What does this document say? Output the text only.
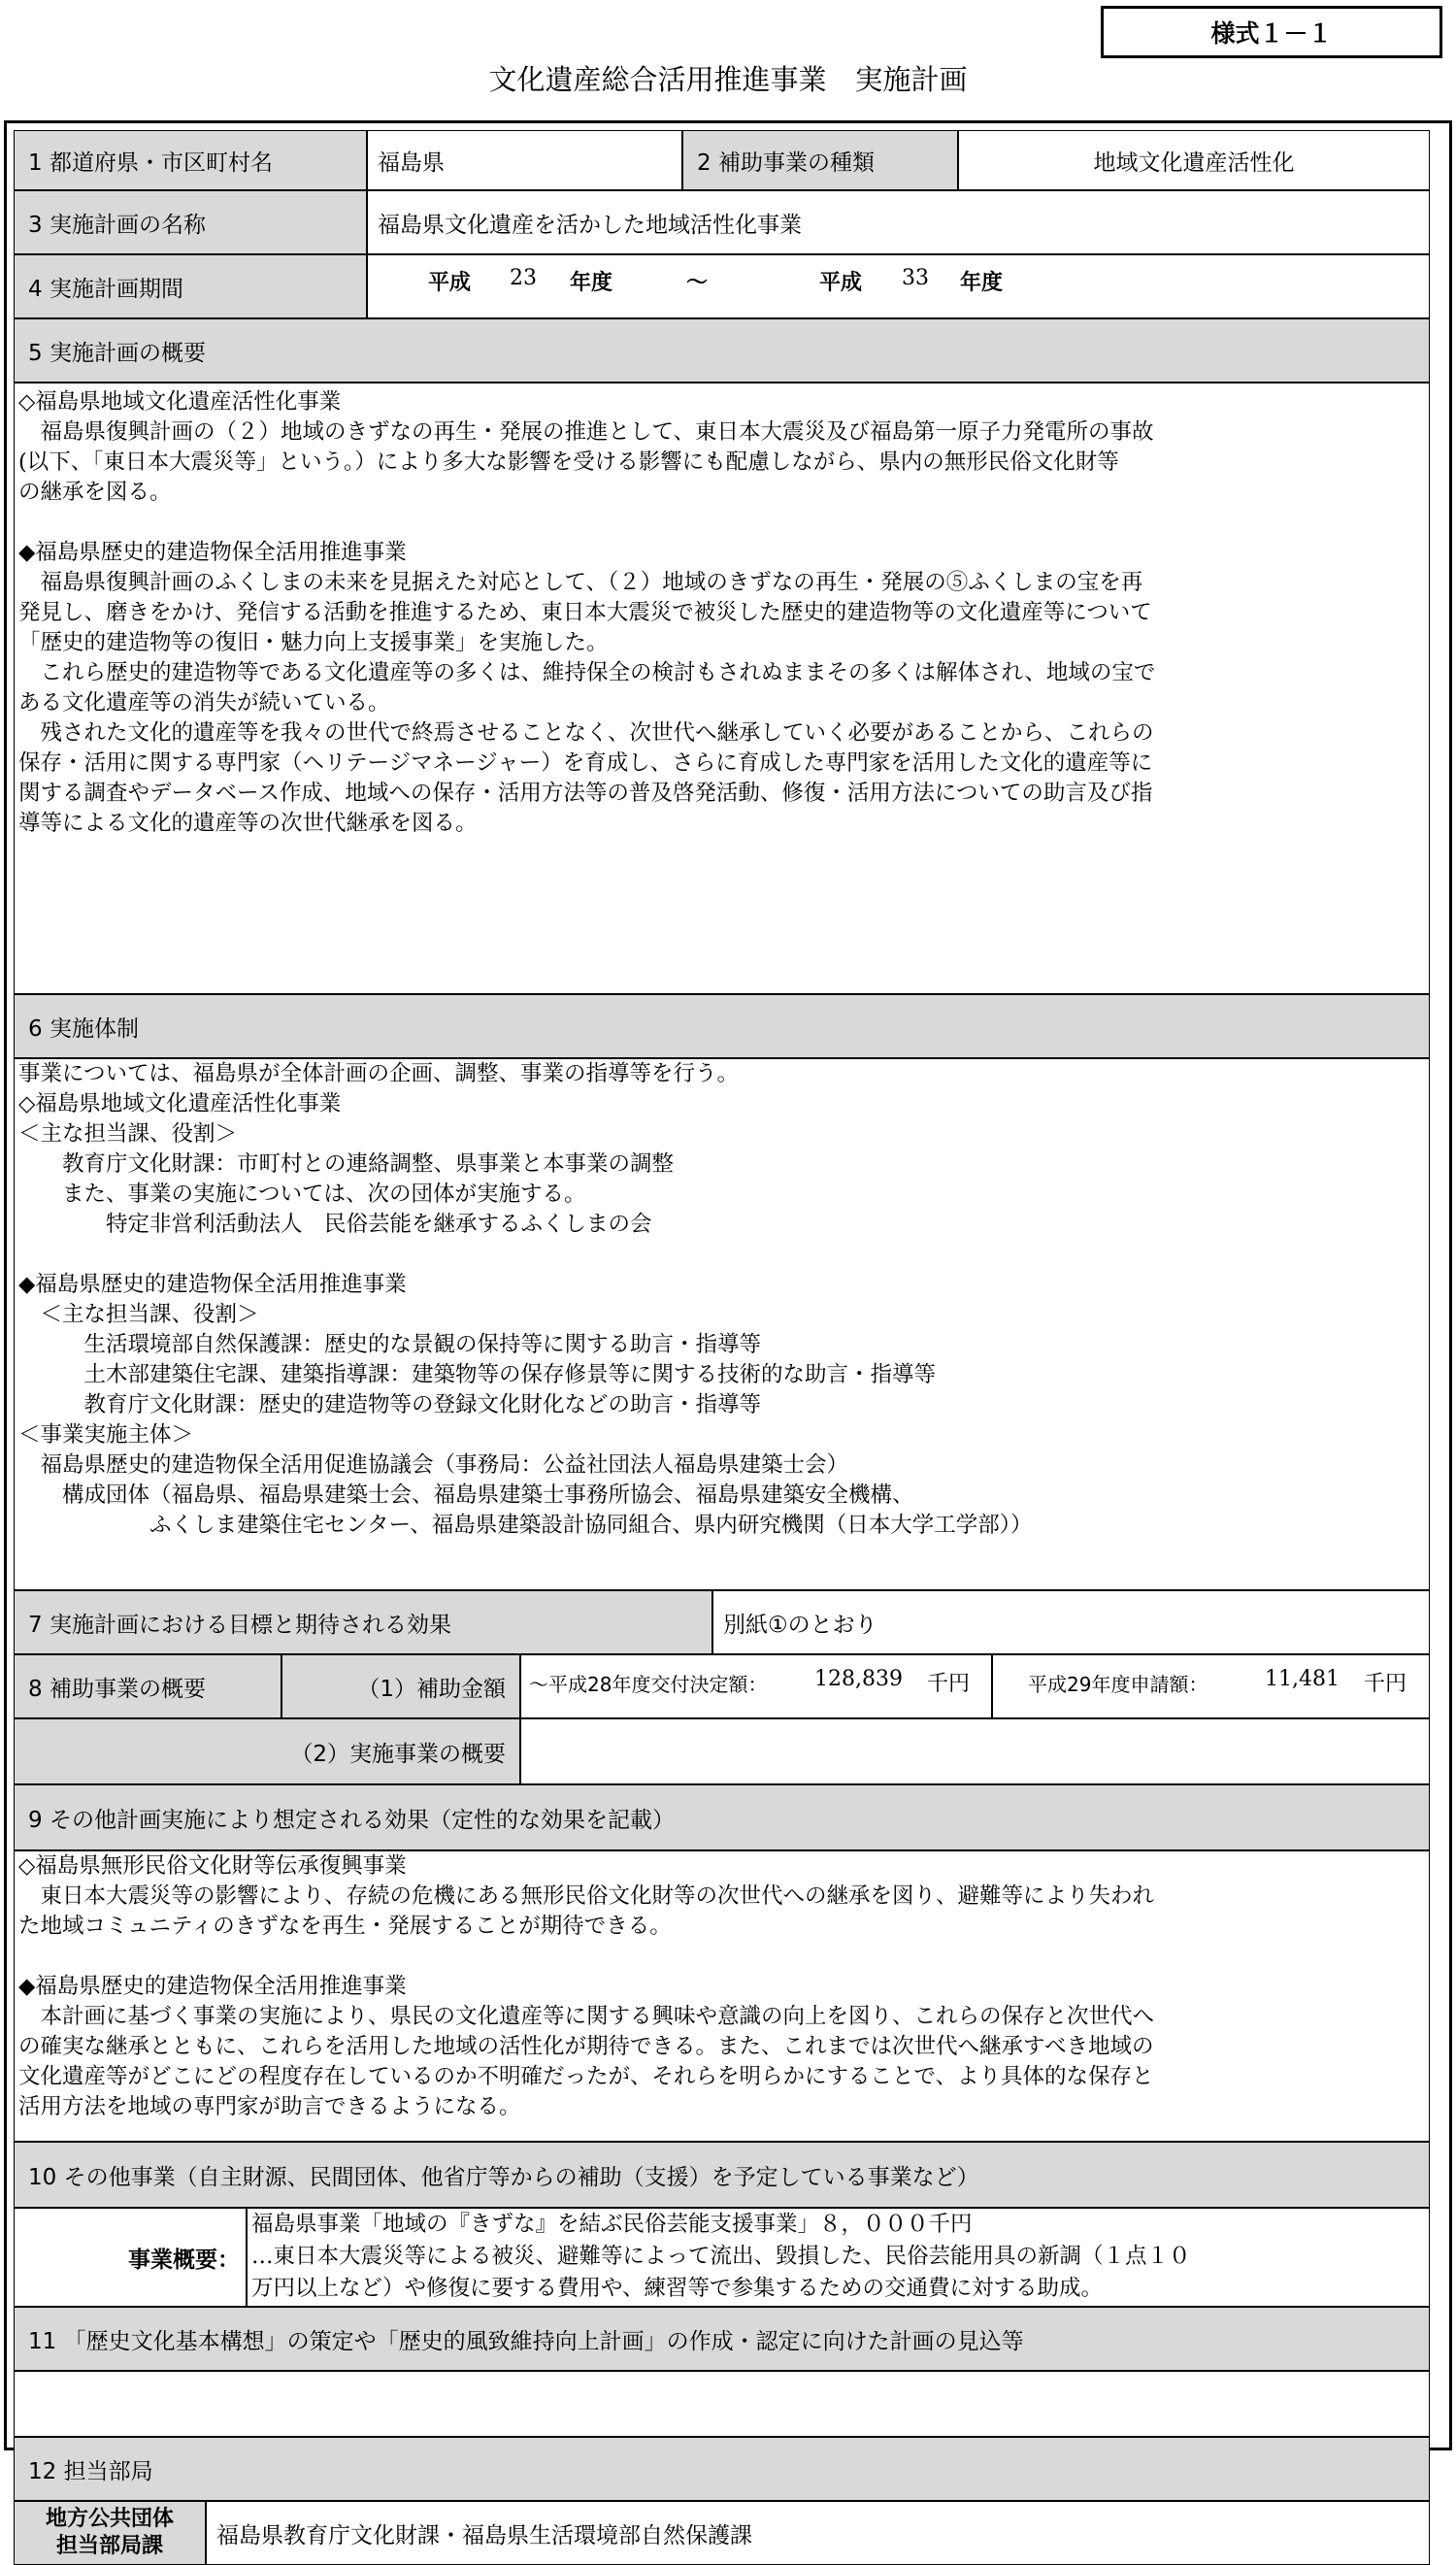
様式１－１
文化遺産総合活用推進事業　実施計画
1 都道府県・市区町村名	福島県	2 補助事業の種類	地域文化遺産活性化
3 実施計画の名称	福島県文化遺産を活かした地域活性化事業
4 実施計画期間	平成 23 年度	～	平成 33 年度
5 実施計画の概要

◇福島県地域文化遺産活性化事業

　福島県復興計画の（２）地域のきずなの再生・発展の推進として、東日本大震災及び福島第一原子力発電所の事故

(以下、「東日本大震災等」という。）により多大な影響を受ける影響にも配慮しながら、県内の無形民俗文化財等

の継承を図る。

◆福島県歴史的建造物保全活用推進事業

　福島県復興計画のふくしまの未来を見据えた対応として、（２）地域のきずなの再生・発展の⑤ふくしまの宝を再

発見し、磨きをかけ、発信する活動を推進するため、東日本大震災で被災した歴史的建造物等の文化遺産等について

「歴史的建造物等の復旧・魅力向上支援事業」を実施した。

　これら歴史的建造物等である文化遺産等の多くは、維持保全の検討もされぬままその多くは解体され、地域の宝で

ある文化遺産等の消失が続いている。

　残された文化的遺産等を我々の世代で終焉させることなく、次世代へ継承していく必要があることから、これらの

保存・活用に関する専門家（ヘリテージマネージャー）を育成し、さらに育成した専門家を活用した文化的遺産等に

関する調査やデータベース作成、地域への保存・活用方法等の普及啓発活動、修復・活用方法についての助言及び指

導等による文化的遺産等の次世代継承を図る。

6 実施体制

事業については、福島県が全体計画の企画、調整、事業の指導等を行う。

◇福島県地域文化遺産活性化事業

＜主な担当課、役割＞

　　教育庁文化財課：市町村との連絡調整、県事業と本事業の調整

　　また、事業の実施については、次の団体が実施する。

　　　　特定非営利活動法人　民俗芸能を継承するふくしまの会

◆福島県歴史的建造物保全活用推進事業

　＜主な担当課、役割＞

　　　生活環境部自然保護課：歴史的な景観の保持等に関する助言・指導等

　　　土木部建築住宅課、建築指導課：建築物等の保存修景等に関する技術的な助言・指導等

　　　教育庁文化財課：歴史的建造物等の登録文化財化などの助言・指導等

＜事業実施主体＞

　福島県歴史的建造物保全活用促進協議会（事務局：公益社団法人福島県建築士会）

　　構成団体（福島県、福島県建築士会、福島県建築士事務所協会、福島県建築安全機構、

　　　　　　ふくしま建築住宅センター、福島県建築設計協同組合、県内研究機関（日本大学工学部））

7 実施計画における目標と期待される効果	別紙①のとおり
8 補助事業の概要	（1）補助金額	～平成28年度交付決定額： 128,839 千円	平成29年度申請額：	11,481 千円
（2）実施事業の概要
9 その他計画実施により想定される効果（定性的な効果を記載）

◇福島県無形民俗文化財等伝承復興事業

　東日本大震災等の影響により、存続の危機にある無形民俗文化財等の次世代への継承を図り、避難等により失われ

た地域コミュニティのきずなを再生・発展することが期待できる。

◆福島県歴史的建造物保全活用推進事業

　本計画に基づく事業の実施により、県民の文化遺産等に関する興味や意識の向上を図り、これらの保存と次世代へ

の確実な継承とともに、これらを活用した地域の活性化が期待できる。また、これまでは次世代へ継承すべき地域の

文化遺産等がどこにどの程度存在しているのか不明確だったが、それらを明らかにすることで、より具体的な保存と

活用方法を地域の専門家が助言できるようになる。

10 その他事業（自主財源、民間団体、他省庁等からの補助（支援）を予定している事業など）
事業概要：

福島県事業「地域の『きずな』を結ぶ民俗芸能支援事業」８，０００千円

…東日本大震災等による被災、避難等によって流出、毀損した、民俗芸能用具の新調（１点１０

万円以上など）や修復に要する費用や、練習等で参集するための交通費に対する助成。

11 「歴史文化基本構想」の策定や「歴史的風致維持向上計画」の作成・認定に向けた計画の見込等
12 担当部局
地方公共団体
担当部局課	福島県教育庁文化財課・福島県生活環境部自然保護課
